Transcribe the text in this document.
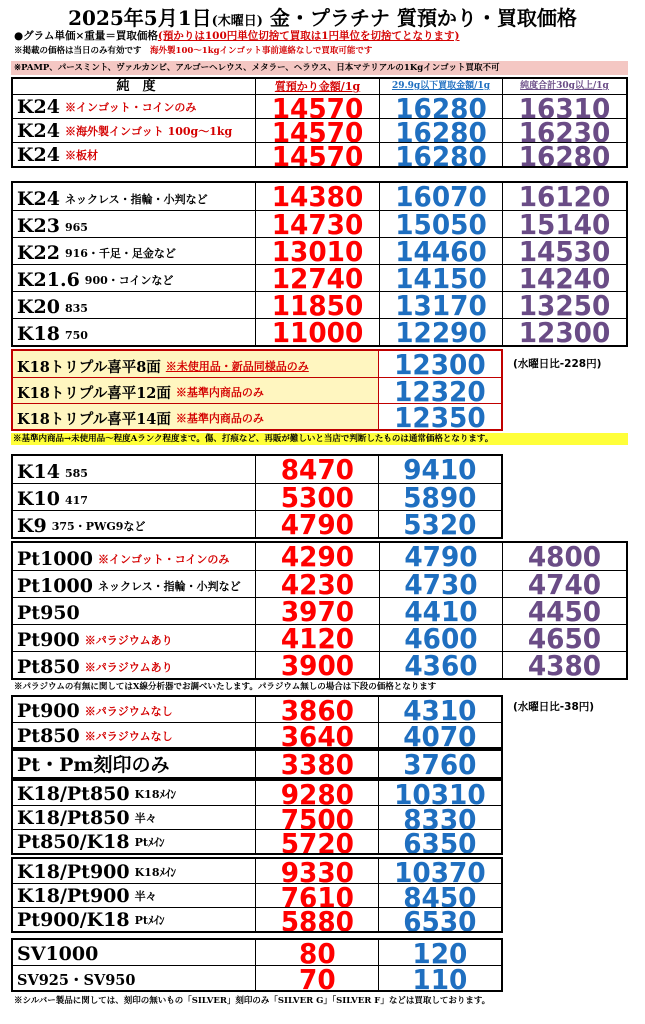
2025年5月1日(木曜日) 金・プラチナ 質預かり・買取価格
●グラム単価×重量＝買取価格(預かりは100円単位切捨て買取は1円単位を切捨てとなります)
※掲載の価格は当日のみ有効です　 海外製100～1kgインゴット事前連絡なしで買取可能です
※PAMP、パースミント、ヴァルカンビ、アルゴーヘレウス、メタラー、ヘラウス、日本マテリアルの1Kgインゴット買取不可
純　度	質預かり金額/1g	29.9g以下買取金額/1g	純度合計30g以上/1g
K24 ※インゴット・コインのみ	14570	16280	16310
K24 ※海外製インゴット 100g～1kg	14570	16280	16230
K24 ※板材	14570	16280	16280
K24 ネックレス・指輪・小判など	14380	16070	16120
K23 965	14730	15050	15140
K22 916・千足・足金など	13010	14460	14530
K21.6 900・コインなど	12740	14150	14240
K20 835	11850	13170	13250
K18 750	11000	12290	12300
K18トリプル喜平8面 ※未使用品・新品同様品のみ	12300
K18トリプル喜平12面 ※基準内商品のみ	12320
K18トリプル喜平14面 ※基準内商品のみ	12350
(水曜日比-228円)
※基準内商品→未使用品～程度Aランク程度まで。傷、打痕など、再販が難しいと当店で判断したものは通常価格となります。
K14 585	8470	9410
K10 417	5300	5890
K9 375・PWG9など	4790	5320
Pt1000 ※インゴット・コインのみ	4290	4790	4800
Pt1000 ネックレス・指輪・小判など	4230	4730	4740
Pt950	3970	4410	4450
Pt900 ※パラジウムあり	4120	4600	4650
Pt850 ※パラジウムあり	3900	4360	4380
※パラジウムの有無に関してはX線分析器でお調べいたします。パラジウム無しの場合は下段の価格となります
Pt900 ※パラジウムなし	3860	4310
Pt850 ※パラジウムなし	3640	4070
(水曜日比-38円)
Pt・Pm刻印のみ	3380	3760
K18/Pt850 K18ﾒｲﾝ	9280	10310
K18/Pt850 半々	7500	8330
Pt850/K18 Ptﾒｲﾝ	5720	6350
K18/Pt900 K18ﾒｲﾝ	9330	10370
K18/Pt900 半々	7610	8450
Pt900/K18 Ptﾒｲﾝ	5880	6530
SV1000	80	120
SV925・SV950	70	110
※シルバー製品に関しては、刻印の無いもの「SILVER」刻印のみ「SILVER G」「SILVER F」などは買取しております。
